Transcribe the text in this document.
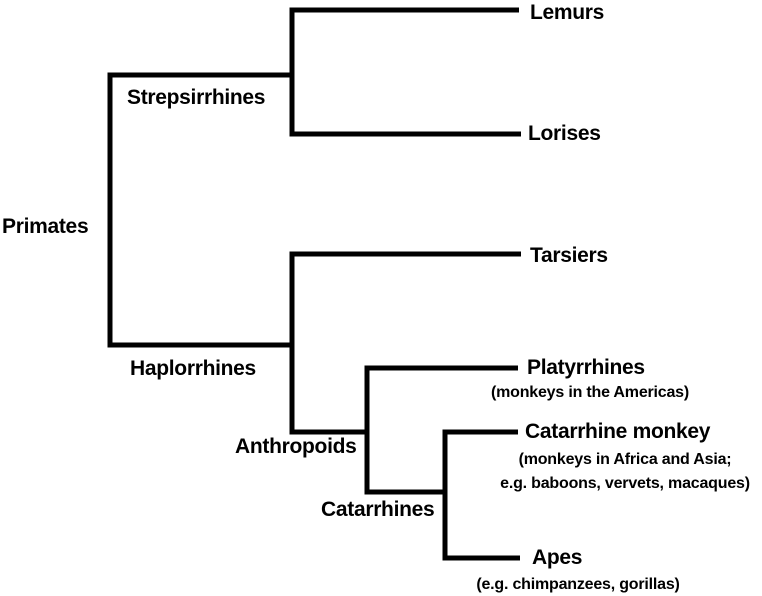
Primates
Strepsirrhines
Haplorrhines
Anthropoids
Catarrhines
Lemurs
Lorises
Tarsiers
Platyrrhines
Catarrhine monkey
Apes
(monkeys in the Americas)
(monkeys in Africa and Asia;
e.g. baboons, vervets, macaques)
(e.g. chimpanzees, gorillas)
